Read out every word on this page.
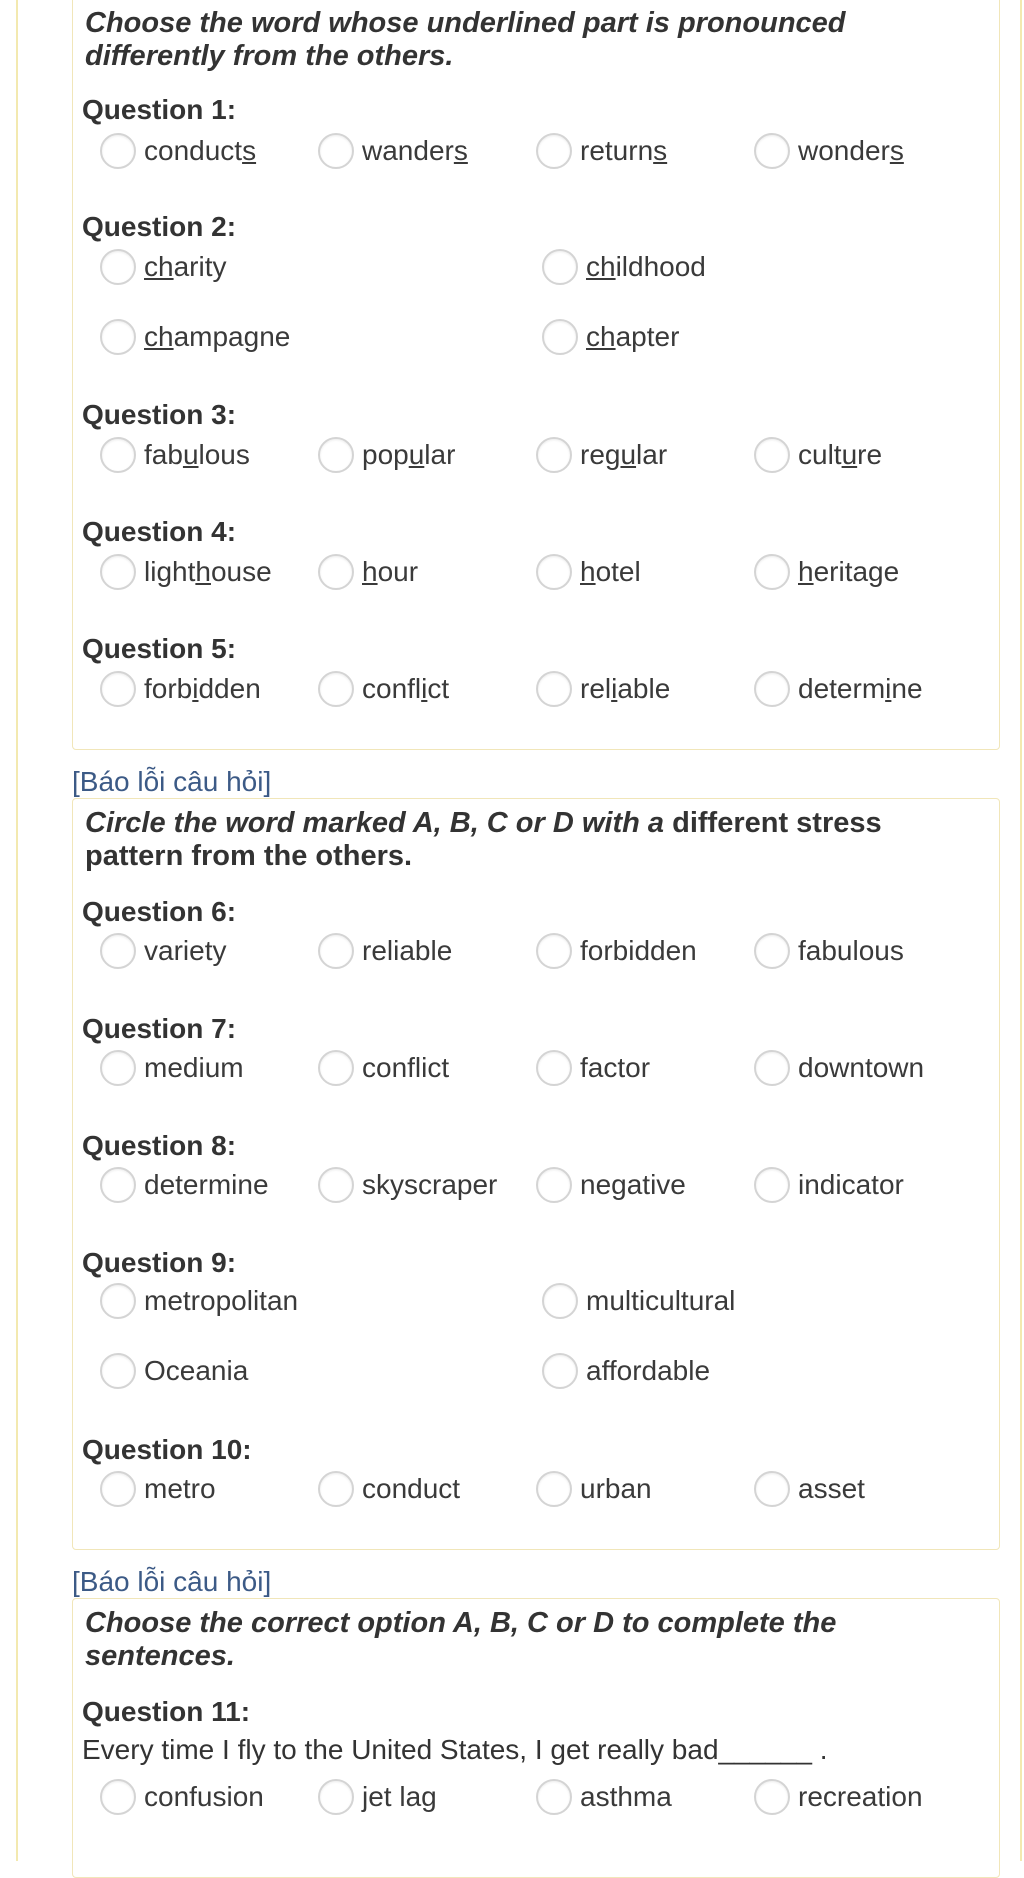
Choose the word whose underlined part is pronounced differently from the others.

Question 1:
Question 2:
Question 3:
Question 4:
Question 5:
[Báo lỗi câu hỏi]

Circle the word marked A, B, C or D with a different stress pattern from the others.

Question 6:
Question 7:
Question 8:
Question 9:
Question 10:
[Báo lỗi câu hỏi]

Choose the correct option A, B, C or D to complete the sentences.

Question 11:
Every time I fly to the United States, I get really bad______ .
conducts	wanders	returns	wonders
charity	childhood
champagne	chapter
fabulous	popular	regular	culture
lighthouse	hour	hotel	heritage
forbidden	conflict	reliable	determine
variety	reliable	forbidden	fabulous
medium	conflict	factor	downtown
determine	skyscraper	negative	indicator
metropolitan	multicultural
Oceania	affordable
metro	conduct	urban	asset
confusion	jet lag	asthma	recreation
